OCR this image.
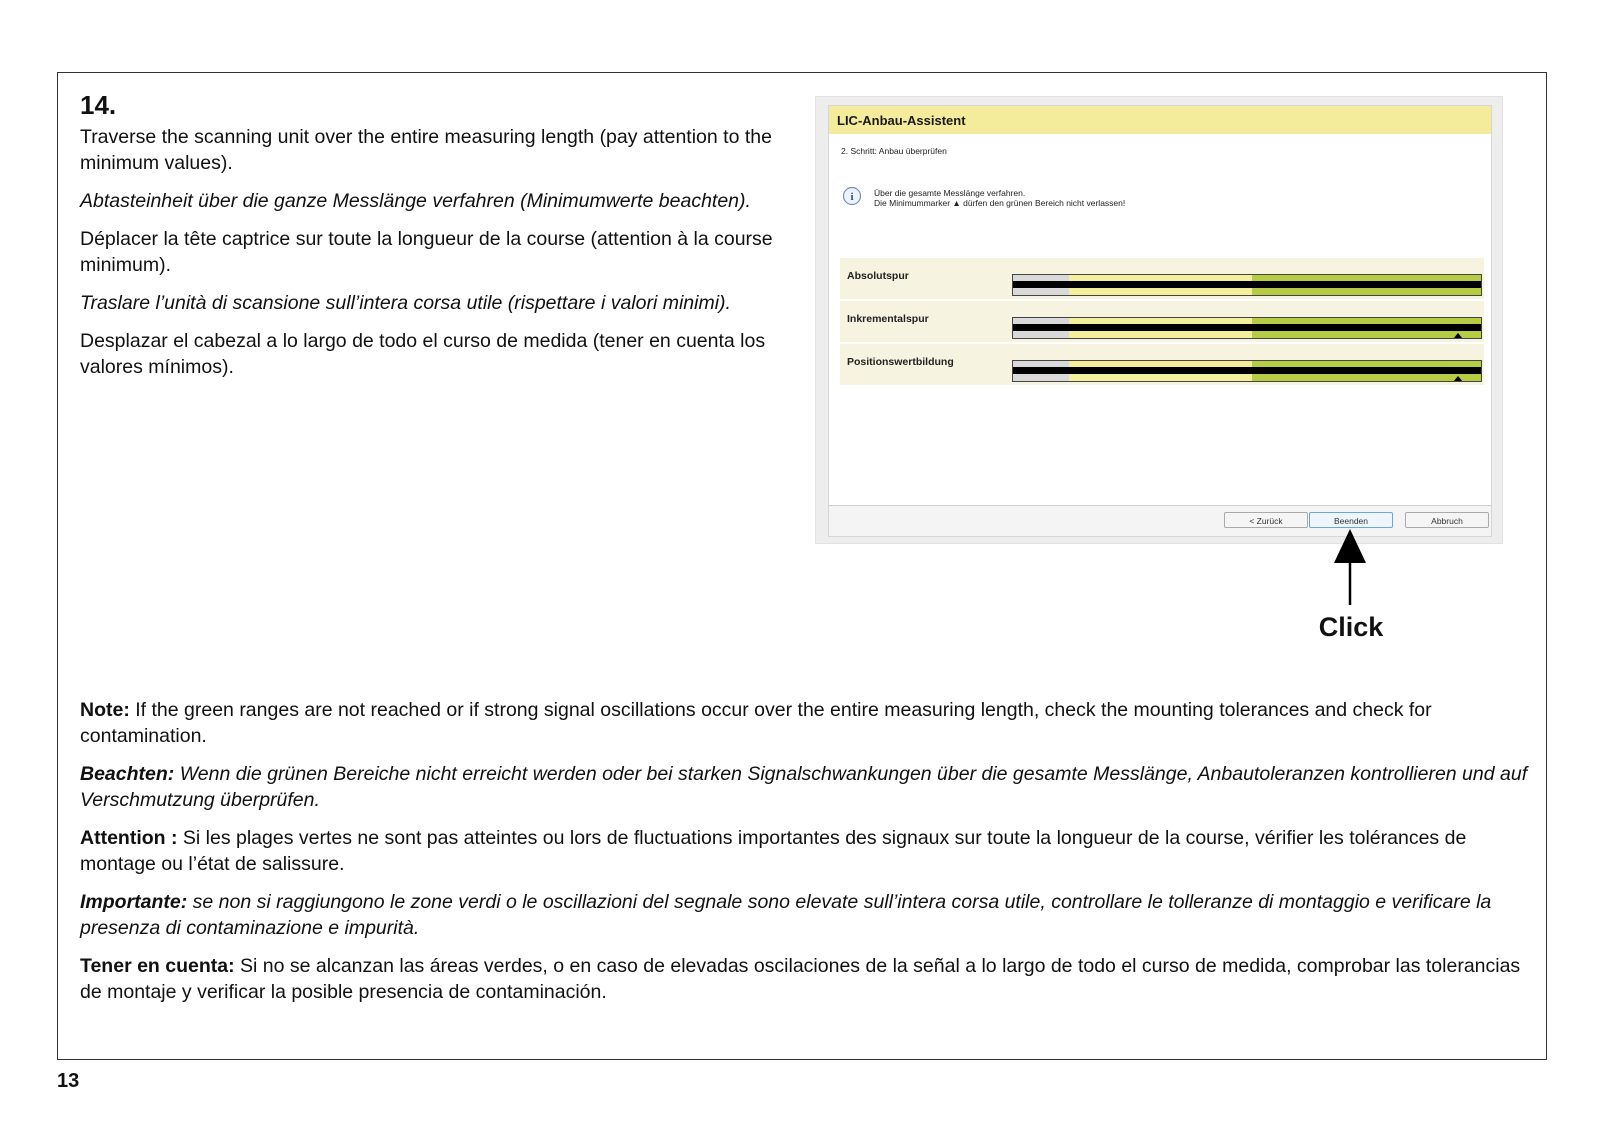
14.

Traverse the scanning unit over the entire measuring length (pay attention to the minimum values).

Abtasteinheit über die ganze Messlänge verfahren (Minimumwerte beachten).

Déplacer la tête captrice sur toute la longueur de la course (attention à la course minimum).

Traslare l’unità di scansione sull’intera corsa utile (rispettare i valori minimi).

Desplazar el cabezal a lo largo de todo el curso de medida (tener en cuenta los valores mínimos).

LIC-Anbau-Assistent
2. Schritt: Anbau überprüfen
i Über die gesamte Messlänge verfahren.
Die Minimummarker ▲ dürfen den grünen Bereich nicht verlassen!
Absolutspur
Inkrementalspur
Positionswertbildung
< Zurück	Beenden	Abbruch
Click

Note: If the green ranges are not reached or if strong signal oscillations occur over the entire measuring length, check the mounting tolerances and check for contamination.

Beachten: Wenn die grünen Bereiche nicht erreicht werden oder bei starken Signalschwankungen über die gesamte Messlänge, Anbautoleranzen kontrollieren und auf Verschmutzung überprüfen.

Attention : Si les plages vertes ne sont pas atteintes ou lors de fluctuations importantes des signaux sur toute la longueur de la course, vérifier les tolérances de montage ou l’état de salissure.

Importante: se non si raggiungono le zone verdi o le oscillazioni del segnale sono elevate sull’intera corsa utile, controllare le tolleranze di montaggio e verificare la presenza di contaminazione e impurità.

Tener en cuenta: Si no se alcanzan las áreas verdes, o en caso de elevadas oscilaciones de la señal a lo largo de todo el curso de medida, comprobar las tolerancias de montaje y verificar la posible presencia de contaminación.

13
